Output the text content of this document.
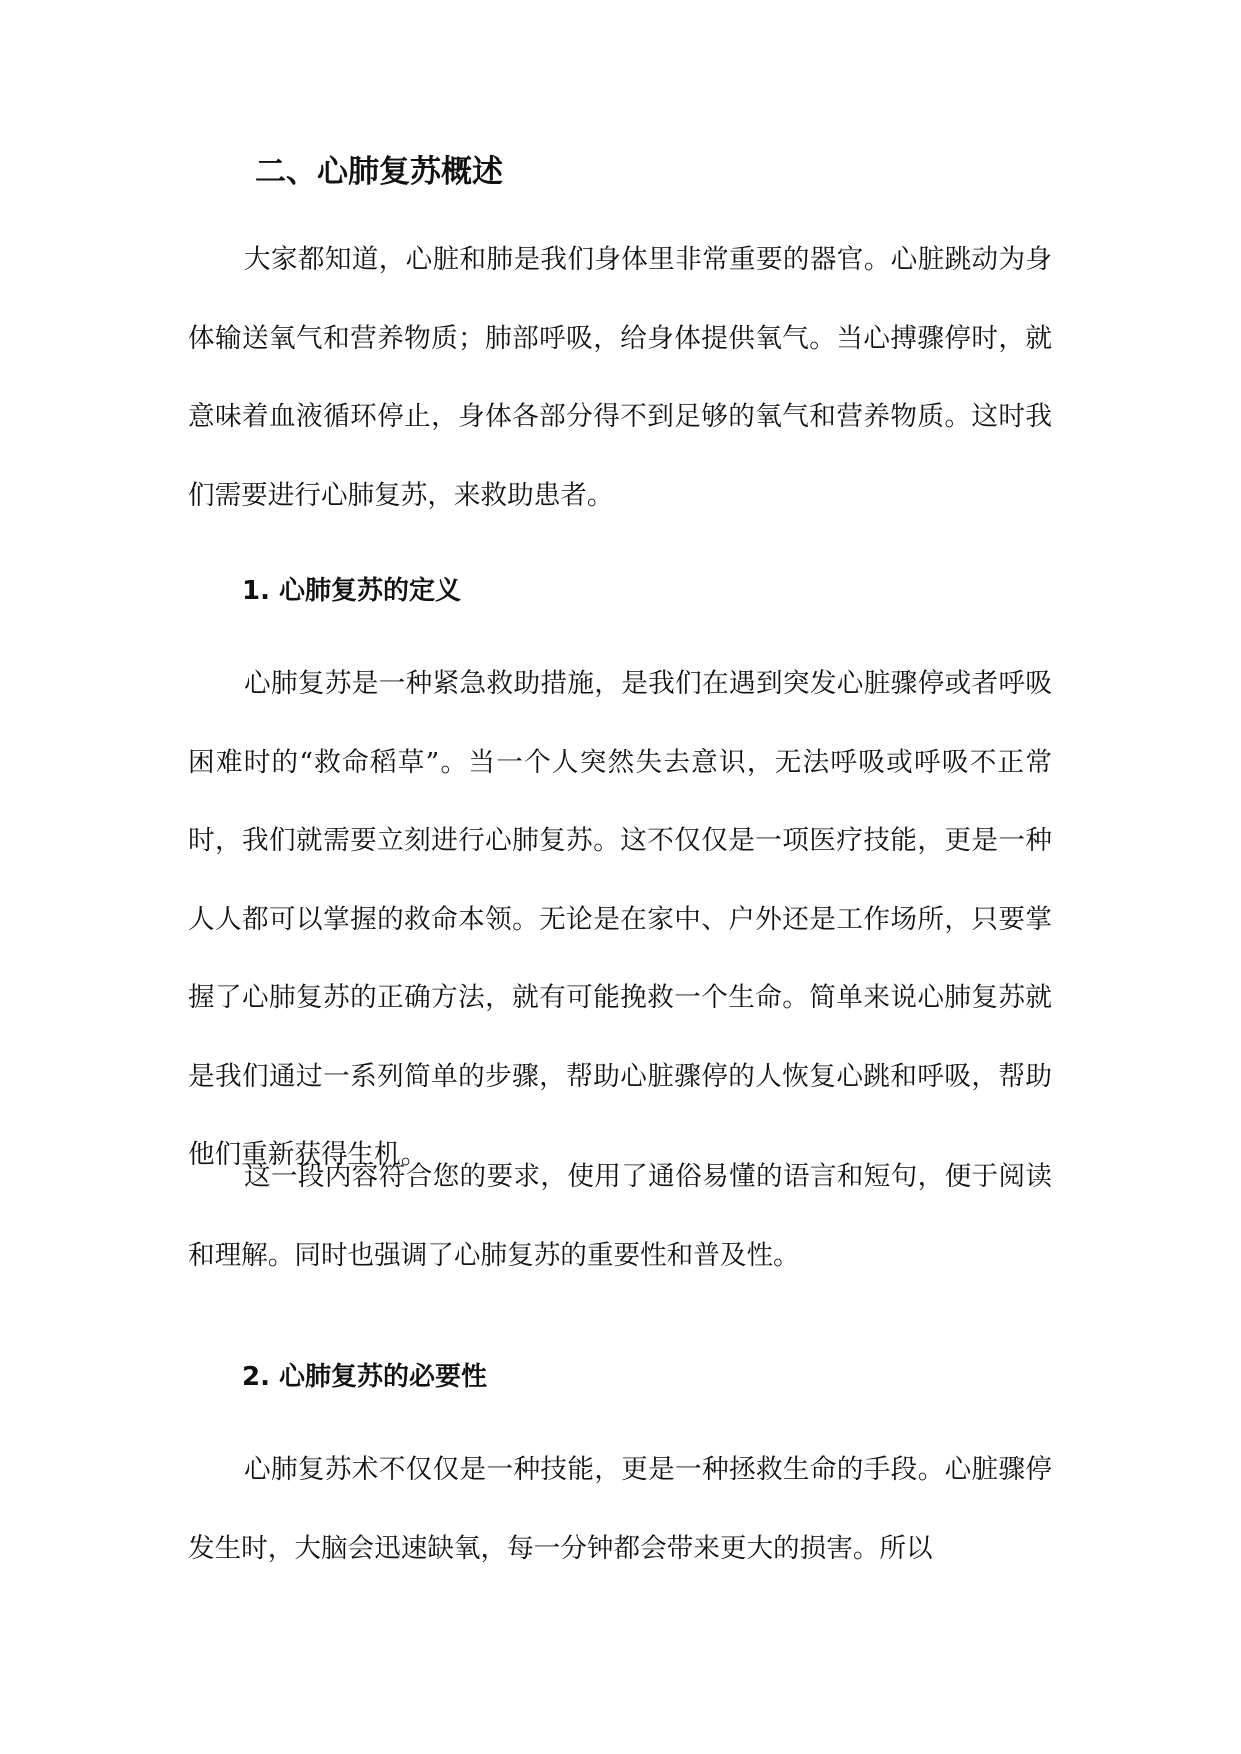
二、心肺复苏概述

大家都知道，心脏和肺是我们身体里非常重要的器官。心脏跳动为身体输送氧气和营养物质；肺部呼吸，给身体提供氧气。当心搏骤停时，就意味着血液循环停止，身体各部分得不到足够的氧气和营养物质。这时我们需要进行心肺复苏，来救助患者。

1. 心肺复苏的定义

心肺复苏是一种紧急救助措施，是我们在遇到突发心脏骤停或者呼吸困难时的“救命稻草”。当一个人突然失去意识，无法呼吸或呼吸不正常时，我们就需要立刻进行心肺复苏。这不仅仅是一项医疗技能，更是一种人人都可以掌握的救命本领。无论是在家中、户外还是工作场所，只要掌握了心肺复苏的正确方法，就有可能挽救一个生命。简单来说心肺复苏就是我们通过一系列简单的步骤，帮助心脏骤停的人恢复心跳和呼吸，帮助他们重新获得生机。

这一段内容符合您的要求，使用了通俗易懂的语言和短句，便于阅读和理解。同时也强调了心肺复苏的重要性和普及性。

2. 心肺复苏的必要性

心肺复苏术不仅仅是一种技能，更是一种拯救生命的手段。心脏骤停发生时，大脑会迅速缺氧，每一分钟都会带来更大的损害。所以
